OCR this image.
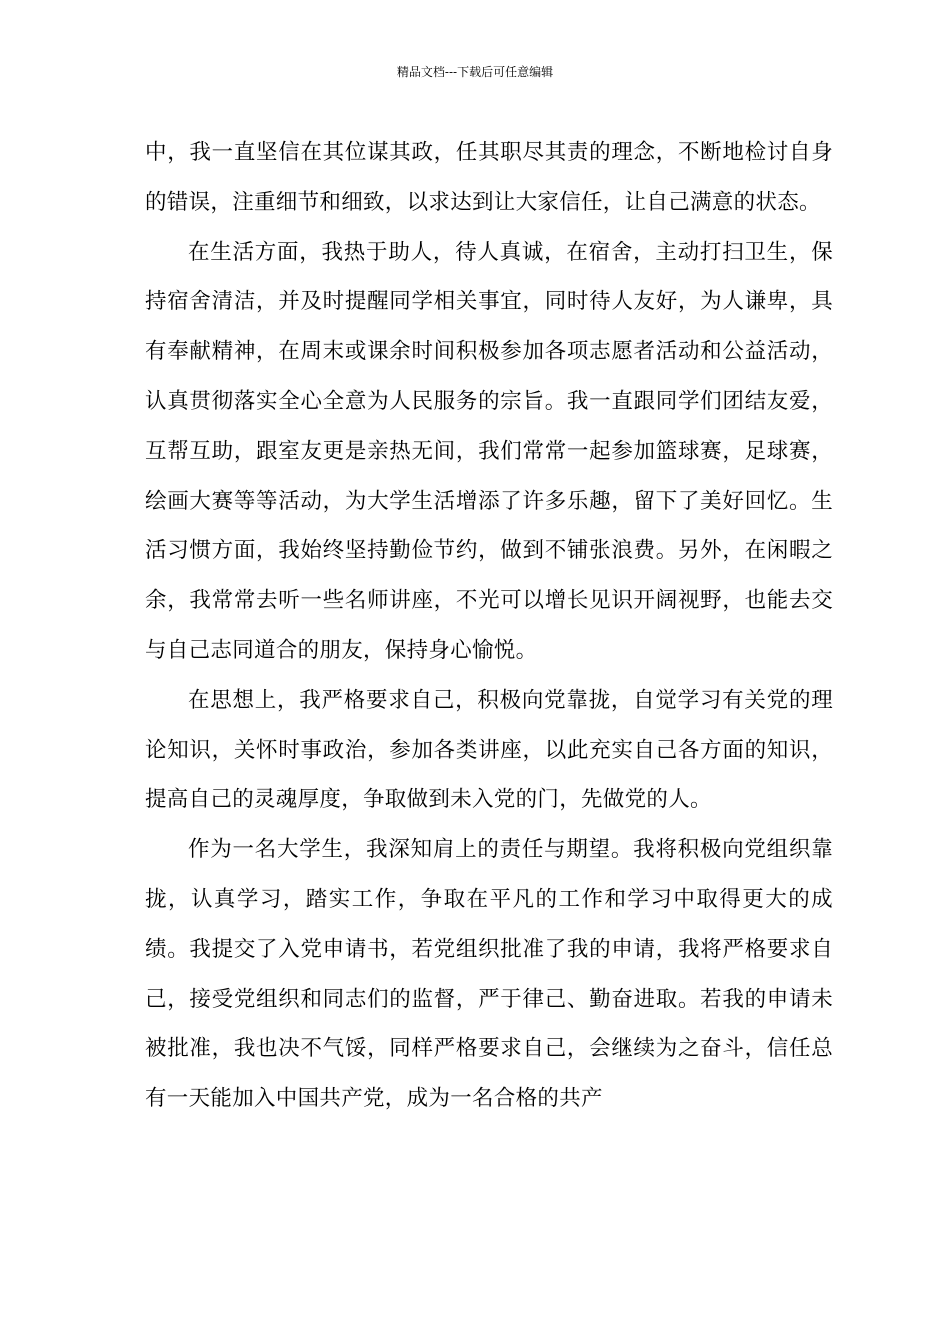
精品文档---下载后可任意编辑

中，我一直坚信在其位谋其政，任其职尽其责的理念，不断地检讨自身的错误，注重细节和细致，以求达到让大家信任，让自己满意的状态。

在生活方面，我热于助人，待人真诚，在宿舍，主动打扫卫生，保持宿舍清洁，并及时提醒同学相关事宜，同时待人友好，为人谦卑，具有奉献精神，在周末或课余时间积极参加各项志愿者活动和公益活动，认真贯彻落实全心全意为人民服务的宗旨。我一直跟同学们团结友爱，互帮互助，跟室友更是亲热无间，我们常常一起参加篮球赛，足球赛，绘画大赛等等活动，为大学生活增添了许多乐趣，留下了美好回忆。生活习惯方面，我始终坚持勤俭节约，做到不铺张浪费。另外，在闲暇之余，我常常去听一些名师讲座，不光可以增长见识开阔视野，也能去交与自己志同道合的朋友，保持身心愉悦。

在思想上，我严格要求自己，积极向党靠拢，自觉学习有关党的理论知识，关怀时事政治，参加各类讲座，以此充实自己各方面的知识，提高自己的灵魂厚度，争取做到未入党的门，先做党的人。

作为一名大学生，我深知肩上的责任与期望。我将积极向党组织靠拢，认真学习，踏实工作，争取在平凡的工作和学习中取得更大的成绩。我提交了入党申请书，若党组织批准了我的申请，我将严格要求自己，接受党组织和同志们的监督，严于律己、勤奋进取。若我的申请未被批准，我也决不气馁，同样严格要求自己，会继续为之奋斗，信任总有一天能加入中国共产党，成为一名合格的共产
